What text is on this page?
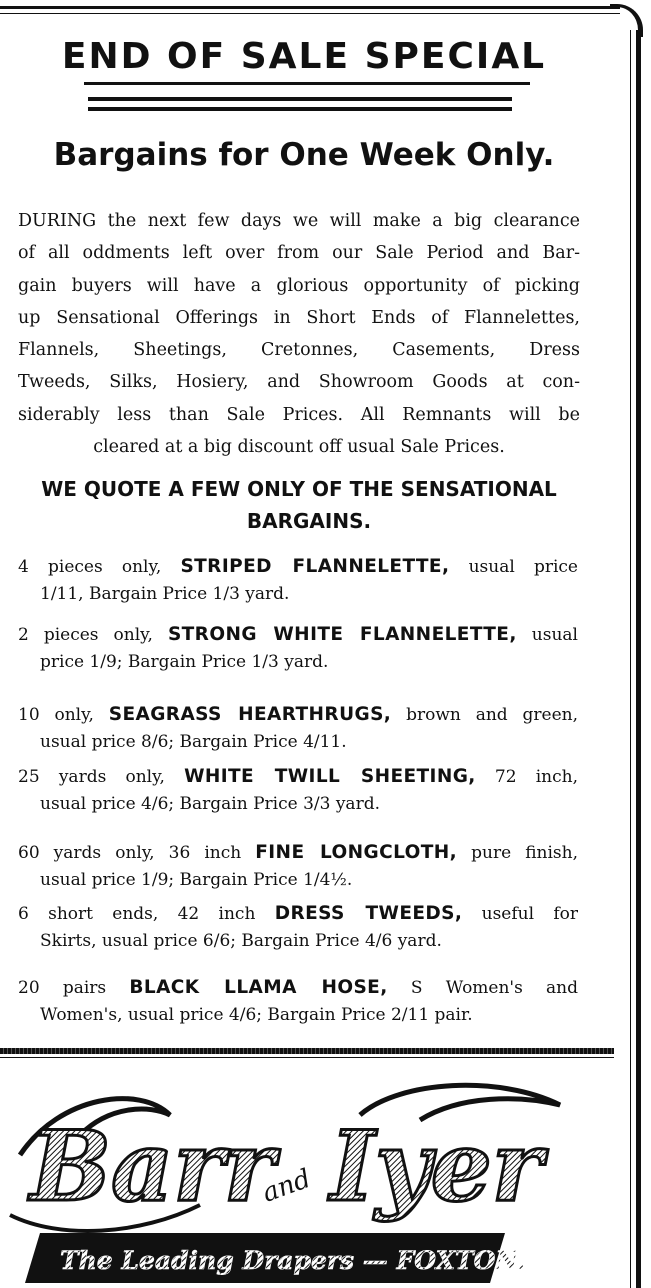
END OF SALE SPECIAL
Bargains for One Week Only.
DURING the next few days we will make a big clearance
of all oddments left over from our Sale Period and Bar-
gain buyers will have a glorious opportunity of picking
up Sensational Offerings in Short Ends of Flannelettes,
Flannels, Sheetings, Cretonnes, Casements, Dress
Tweeds, Silks, Hosiery, and Showroom Goods at con-
siderably less than Sale Prices. All Remnants will be
cleared at a big discount off usual Sale Prices.
WE QUOTE A FEW ONLY OF THE SENSATIONAL
BARGAINS.
4 pieces only, STRIPED FLANNELETTE, usual price
1/11, Bargain Price 1/3 yard.
2 pieces only, STRONG WHITE FLANNELETTE, usual
price 1/9; Bargain Price 1/3 yard.
10 only, SEAGRASS HEARTHRUGS, brown and green,
usual price 8/6; Bargain Price 4/11.
25 yards only, WHITE TWILL SHEETING, 72 inch,
usual price 4/6; Bargain Price 3/3 yard.
60 yards only, 36 inch FINE LONGCLOTH, pure finish,
usual price 1/9; Bargain Price 1/4½.
6 short ends, 42 inch DRESS TWEEDS, useful for
Skirts, usual price 6/6; Bargain Price 4/6 yard.
20 pairs BLACK LLAMA HOSE, S Women's and
Women's, usual price 4/6; Bargain Price 2/11 pair.
Barr
and Iyer
The Leading Drapers — FOXTON.
